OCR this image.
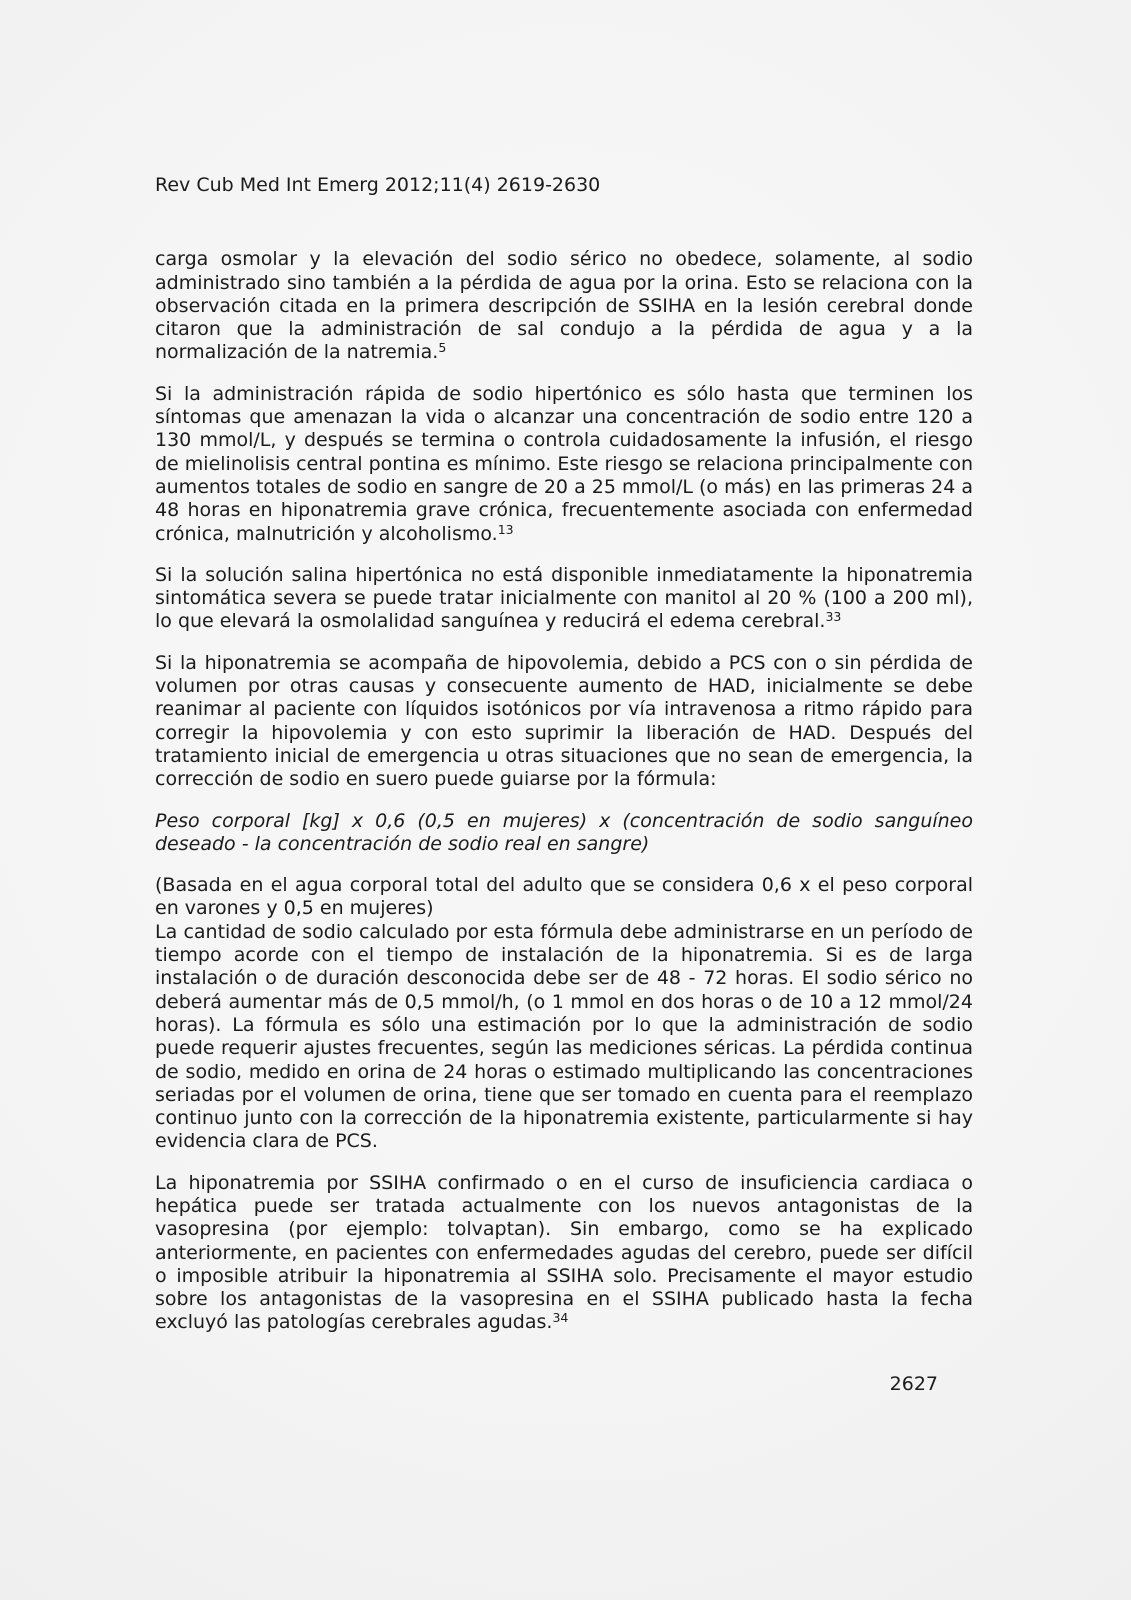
Rev Cub Med Int Emerg 2012;11(4) 2619-2630

carga osmolar y la elevación del sodio sérico no obedece, solamente, al sodio administrado sino también a la pérdida de agua por la orina. Esto se relaciona con la observación citada en la primera descripción de SSIHA en la lesión cerebral donde citaron que la administración de sal condujo a la pérdida de agua y a la normalización de la natremia.$^5$

Si la administración rápida de sodio hipertónico es sólo hasta que terminen los síntomas que amenazan la vida o alcanzar una concentración de sodio entre 120 a 130 mmol/L, y después se termina o controla cuidadosamente la infusión, el riesgo de mielinolisis central pontina es mínimo. Este riesgo se relaciona principalmente con aumentos totales de sodio en sangre de 20 a 25 mmol/L (o más) en las primeras 24 a 48 horas en hiponatremia grave crónica, frecuentemente asociada con enfermedad crónica, malnutrición y alcoholismo.$^{13}$

Si la solución salina hipertónica no está disponible inmediatamente la hiponatremia sintomática severa se puede tratar inicialmente con manitol al 20 % (100 a 200 ml), lo que elevará la osmolalidad sanguínea y reducirá el edema cerebral.$^{33}$

Si la hiponatremia se acompaña de hipovolemia, debido a PCS con o sin pérdida de volumen por otras causas y consecuente aumento de HAD, inicialmente se debe reanimar al paciente con líquidos isotónicos por vía intravenosa a ritmo rápido para corregir la hipovolemia y con esto suprimir la liberación de HAD. Después del tratamiento inicial de emergencia u otras situaciones que no sean de emergencia, la corrección de sodio en suero puede guiarse por la fórmula:

Peso corporal [kg] x 0,6 (0,5 en mujeres) x (concentración de sodio sanguíneo deseado - la concentración de sodio real en sangre)

(Basada en el agua corporal total del adulto que se considera 0,6 x el peso corporal en varones y 0,5 en mujeres)

La cantidad de sodio calculado por esta fórmula debe administrarse en un período de tiempo acorde con el tiempo de instalación de la hiponatremia. Si es de larga instalación o de duración desconocida debe ser de 48 - 72 horas. El sodio sérico no deberá aumentar más de 0,5 mmol/h, (o 1 mmol en dos horas o de 10 a 12 mmol/24 horas). La fórmula es sólo una estimación por lo que la administración de sodio puede requerir ajustes frecuentes, según las mediciones séricas. La pérdida continua de sodio, medido en orina de 24 horas o estimado multiplicando las concentraciones seriadas por el volumen de orina, tiene que ser tomado en cuenta para el reemplazo continuo junto con la corrección de la hiponatremia existente, particularmente si hay evidencia clara de PCS.

La hiponatremia por SSIHA confirmado o en el curso de insuficiencia cardiaca o hepática puede ser tratada actualmente con los nuevos antagonistas de la vasopresina (por ejemplo: tolvaptan). Sin embargo, como se ha explicado anteriormente, en pacientes con enfermedades agudas del cerebro, puede ser difícil o imposible atribuir la hiponatremia al SSIHA solo. Precisamente el mayor estudio sobre los antagonistas de la vasopresina en el SSIHA publicado hasta la fecha excluyó las patologías cerebrales agudas.$^{34}$

2627
